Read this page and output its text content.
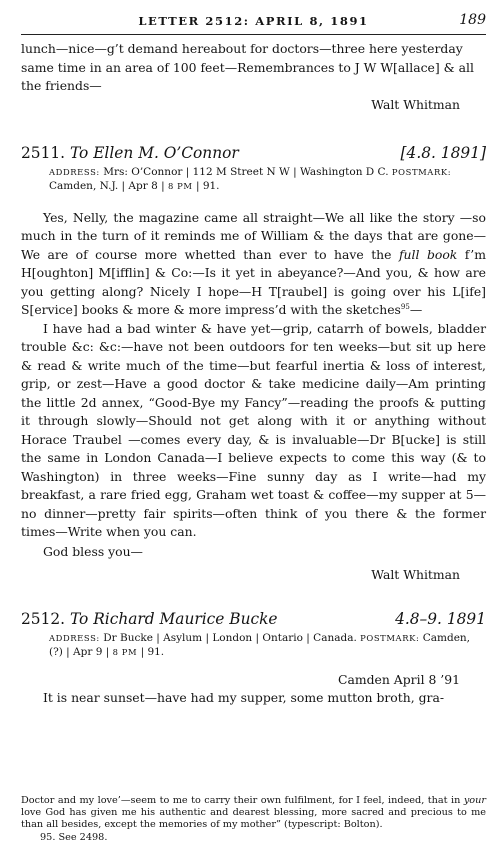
LETTER 2512: APRIL 8, 1891	189

lunch—nice—g’t demand hereabout for doctors—three here yesterday

same time in an area of 100 feet—Remembrances to J W W[allace] & all

the friends—

Walt Whitman

2511. To Ellen M. O’Connor	[4.8. 1891]
ADDRESS: Mrs: O’Connor | 112 M Street N W | Washington D C. POSTMARK: Camden, N.J. | Apr 8 | 8 PM | 91.

Yes, Nelly, the magazine came all straight—We all like the story —so much in the turn of it reminds me of William & the days that are gone—We are of course more whetted than ever to have the full book f’m H[oughton] M[ifflin] & Co:—Is it yet in abeyance?—And you, & how are you getting along? Nicely I hope—H T[raubel] is going over his L[ife] S[ervice] books & more & more impress’d with the sketches$^{95}$—

I have had a bad winter & have yet—grip, catarrh of bowels, bladder trouble &c: &c:—have not been outdoors for ten weeks—but sit up here & read & write much of the time—but fearful inertia & loss of interest, grip, or zest—Have a good doctor & take medicine daily—Am printing the little 2d annex, “Good-Bye my Fancy”—reading the proofs & putting it through slowly—Should not get along with it or anything without Horace Traubel —comes every day, & is invaluable—Dr B[ucke] is still the same in London Canada—I believe expects to come this way (& to Washington) in three weeks—Fine sunny day as I write—had my breakfast, a rare fried egg, Graham wet toast & coffee—my supper at 5—no dinner—pretty fair spirits—often think of you there & the former times—Write when you can.

God bless you—

Walt Whitman

2512. To Richard Maurice Bucke	4.8–9. 1891
ADDRESS: Dr Bucke | Asylum | London | Ontario | Canada. POSTMARK: Camden, (?) | Apr 9 | 8 PM | 91.

Camden April 8 ’91

It is near sunset—have had my supper, some mutton broth, gra-

Doctor and my love’—seem to me to carry their own fulfilment, for I feel, indeed, that in your love God has given me his authentic and dearest blessing, more sacred and precious to me than all besides, except the memories of my mother” (typescript: Bolton).

95. See 2498.
